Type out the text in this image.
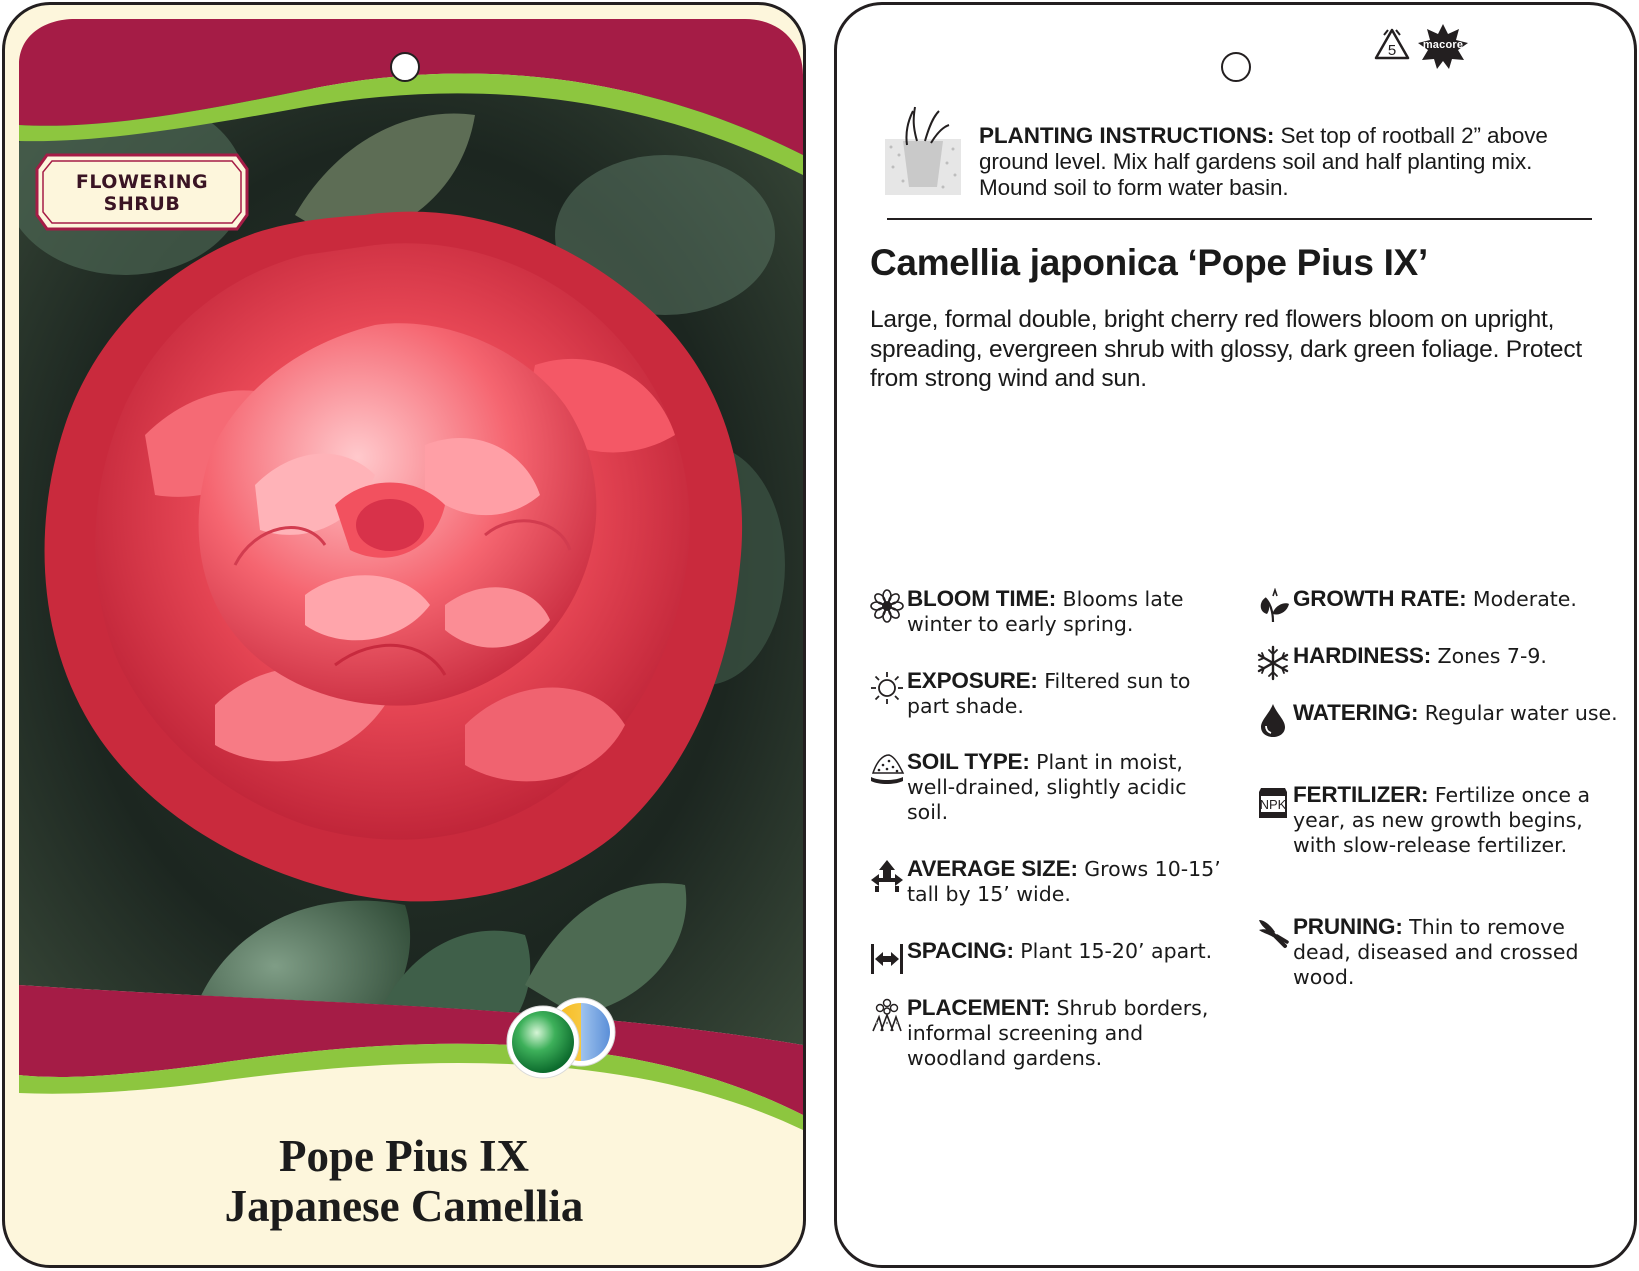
FLOWERING
SHRUB
Pope Pius IX
Japanese Camellia
5	macore
PLANTING INSTRUCTIONS: Set top of rootball 2” above ground level. Mix half gardens soil and half planting mix. Mound soil to form water basin.
Camellia japonica ‘Pope Pius IX’
Large, formal double, bright cherry red flowers bloom on upright, spreading, evergreen shrub with glossy, dark green foliage. Protect from strong wind and sun.
BLOOM TIME: Blooms late winter to early spring.
EXPOSURE: Filtered sun to part shade.
SOIL TYPE: Plant in moist, well-drained, slightly acidic soil.
AVERAGE SIZE: Grows 10-15’ tall by 15’ wide.
SPACING: Plant 15-20’ apart.
PLACEMENT: Shrub borders, informal screening and woodland gardens.
GROWTH RATE: Moderate.
HARDINESS: Zones 7-9.
WATERING: Regular water use.
NPK FERTILIZER: Fertilize once a year, as new growth begins, with slow-release fertilizer.
PRUNING: Thin to remove dead, diseased and crossed wood.
